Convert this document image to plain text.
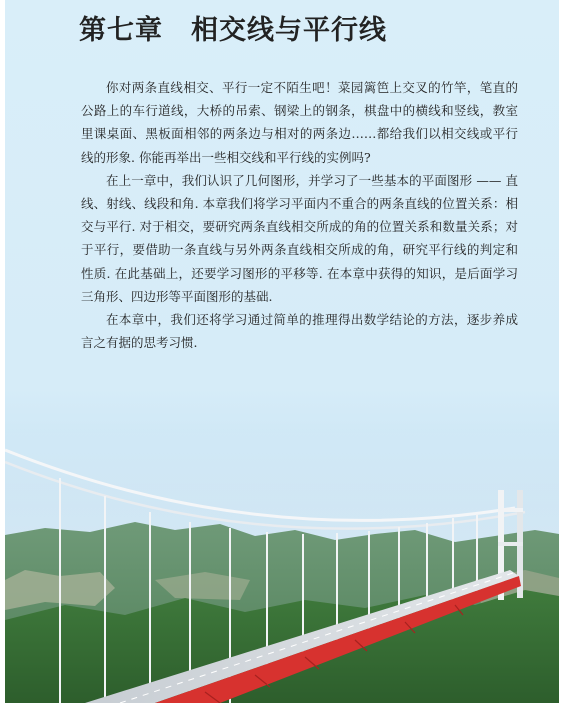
第七章　相交线与平行线

你对两条直线相交、平行一定不陌生吧！菜园篱笆上交叉的竹竿，笔直的公路上的车行道线，大桥的吊索、钢梁上的钢条，棋盘中的横线和竖线，教室里课桌面、黑板面相邻的两条边与相对的两条边……都给我们以相交线或平行线的形象. 你能再举出一些相交线和平行线的实例吗?

在上一章中，我们认识了几何图形，并学习了一些基本的平面图形 —— 直线、射线、线段和角. 本章我们将学习平面内不重合的两条直线的位置关系：相交与平行. 对于相交，要研究两条直线相交所成的角的位置关系和数量关系；对于平行，要借助一条直线与另外两条直线相交所成的角，研究平行线的判定和性质. 在此基础上，还要学习图形的平移等. 在本章中获得的知识，是后面学习三角形、四边形等平面图形的基础.

在本章中，我们还将学习通过简单的推理得出数学结论的方法，逐步养成言之有据的思考习惯.
